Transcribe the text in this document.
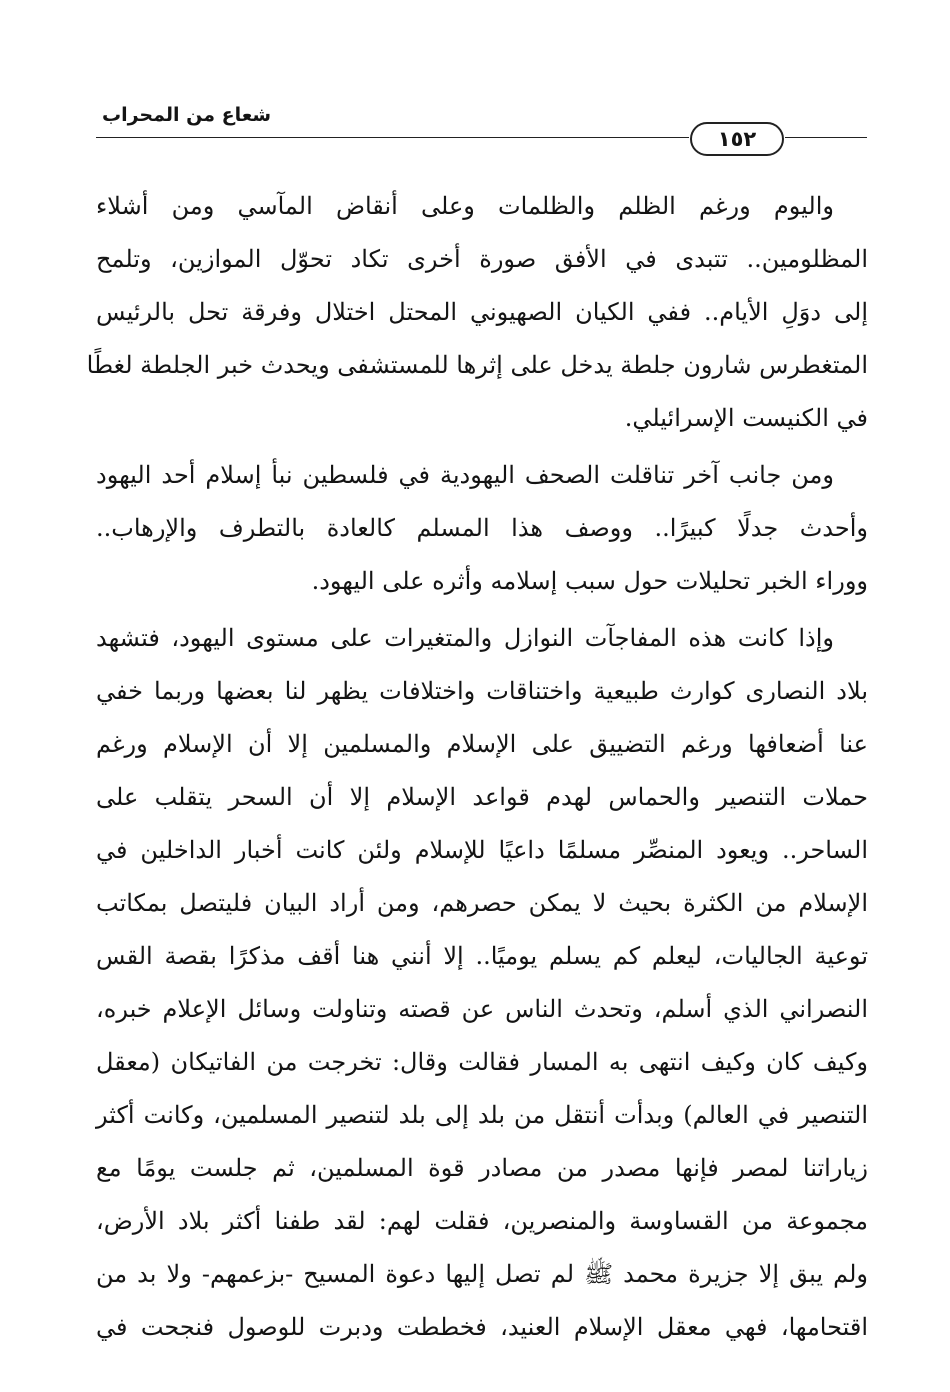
شعاع من المحراب
١٥٢
واليوم ورغم الظلم والظلمات وعلى أنقاض المآسي ومن أشلاء
المظلومين.. تتبدى في الأفق صورة أخرى تكاد تحوّل الموازين، وتلمح
إلى دوَلِ الأيام.. ففي الكيان الصهيوني المحتل اختلال وفرقة تحل بالرئيس
المتغطرس شارون جلطة يدخل على إثرها للمستشفى ويحدث خبر الجلطة لغطًا
في الكنيست الإسرائيلي.
ومن جانب آخر تناقلت الصحف اليهودية في فلسطين نبأ إسلام أحد اليهود
وأحدث جدلًا كبيرًا.. ووصف هذا المسلم كالعادة بالتطرف والإرهاب..
ووراء الخبر تحليلات حول سبب إسلامه وأثره على اليهود.
وإذا كانت هذه المفاجآت النوازل والمتغيرات على مستوى اليهود، فتشهد
بلاد النصارى كوارث طبيعية واختناقات واختلافات يظهر لنا بعضها وربما خفي
عنا أضعافها ورغم التضييق على الإسلام والمسلمين إلا أن الإسلام ورغم
حملات التنصير والحماس لهدم قواعد الإسلام إلا أن السحر يتقلب على
الساحر.. ويعود المنصِّر مسلمًا داعيًا للإسلام ولئن كانت أخبار الداخلين في
الإسلام من الكثرة بحيث لا يمكن حصرهم، ومن أراد البيان فليتصل بمكاتب
توعية الجاليات، ليعلم كم يسلم يوميًا.. إلا أنني هنا أقف مذكرًا بقصة القس
النصراني الذي أسلم، وتحدث الناس عن قصته وتناولت وسائل الإعلام خبره،
وكيف كان وكيف انتهى به المسار فقالت وقال: تخرجت من الفاتيكان (معقل
التنصير في العالم) وبدأت أنتقل من بلد إلى بلد لتنصير المسلمين، وكانت أكثر
زياراتنا لمصر فإنها مصدر من مصادر قوة المسلمين، ثم جلست يومًا مع
مجموعة من القساوسة والمنصرين، فقلت لهم: لقد طفنا أكثر بلاد الأرض،
ولم يبق إلا جزيرة محمد ﷺ لم تصل إليها دعوة المسيح -بزعمهم- ولا بد من
اقتحامها، فهي معقل الإسلام العنيد، فخططت ودبرت للوصول فنجحت في
